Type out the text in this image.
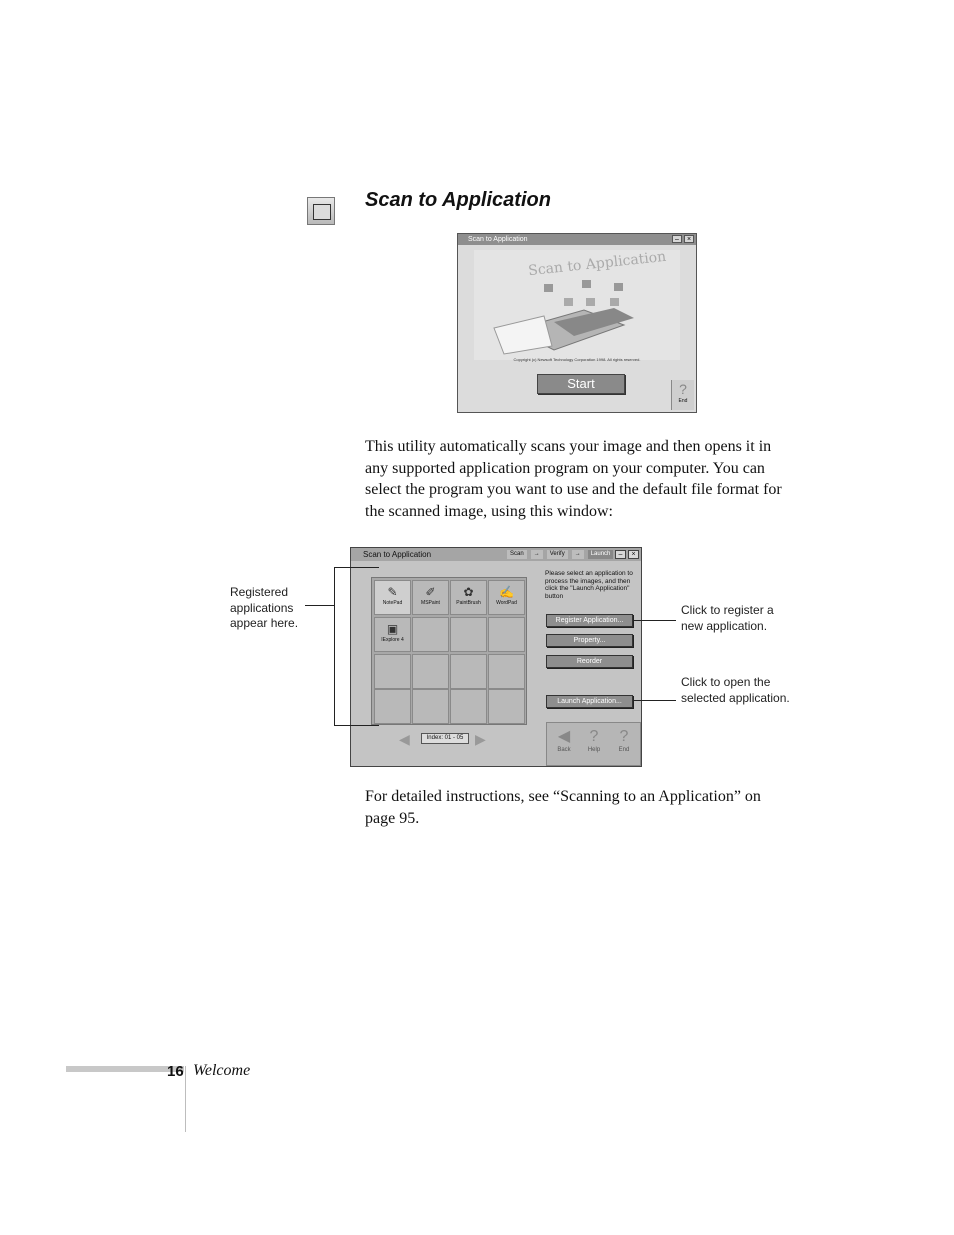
Scan to Application
Scan to Application	–	×
Scan to Application
Copyright (c) Newsoft Technology Corporation 1998. All rights reserved.
Start	?
End
This utility automatically scans your image and then opens it in any supported application program on your computer. You can select the program you want to use and the default file format for the scanned image, using this window:
Scan to Application	Scan	→	Verify	→	Launch	–	×
✎
NotePad
✐
MSPaint
✿
PaintBrush
✍
WordPad
▣
IExplore 4
◀	Index: 01 - 05 ▶
Please select an application to process the images, and then click the "Launch Application" button
Register Application...
Property...
Reorder
Launch Application...
◀
Back
?
Help
?
End
Registered applications appear here.
Click to register a new application.
Click to open the selected application.
For detailed instructions, see “Scanning to an Application” on page 95.
16 Welcome
